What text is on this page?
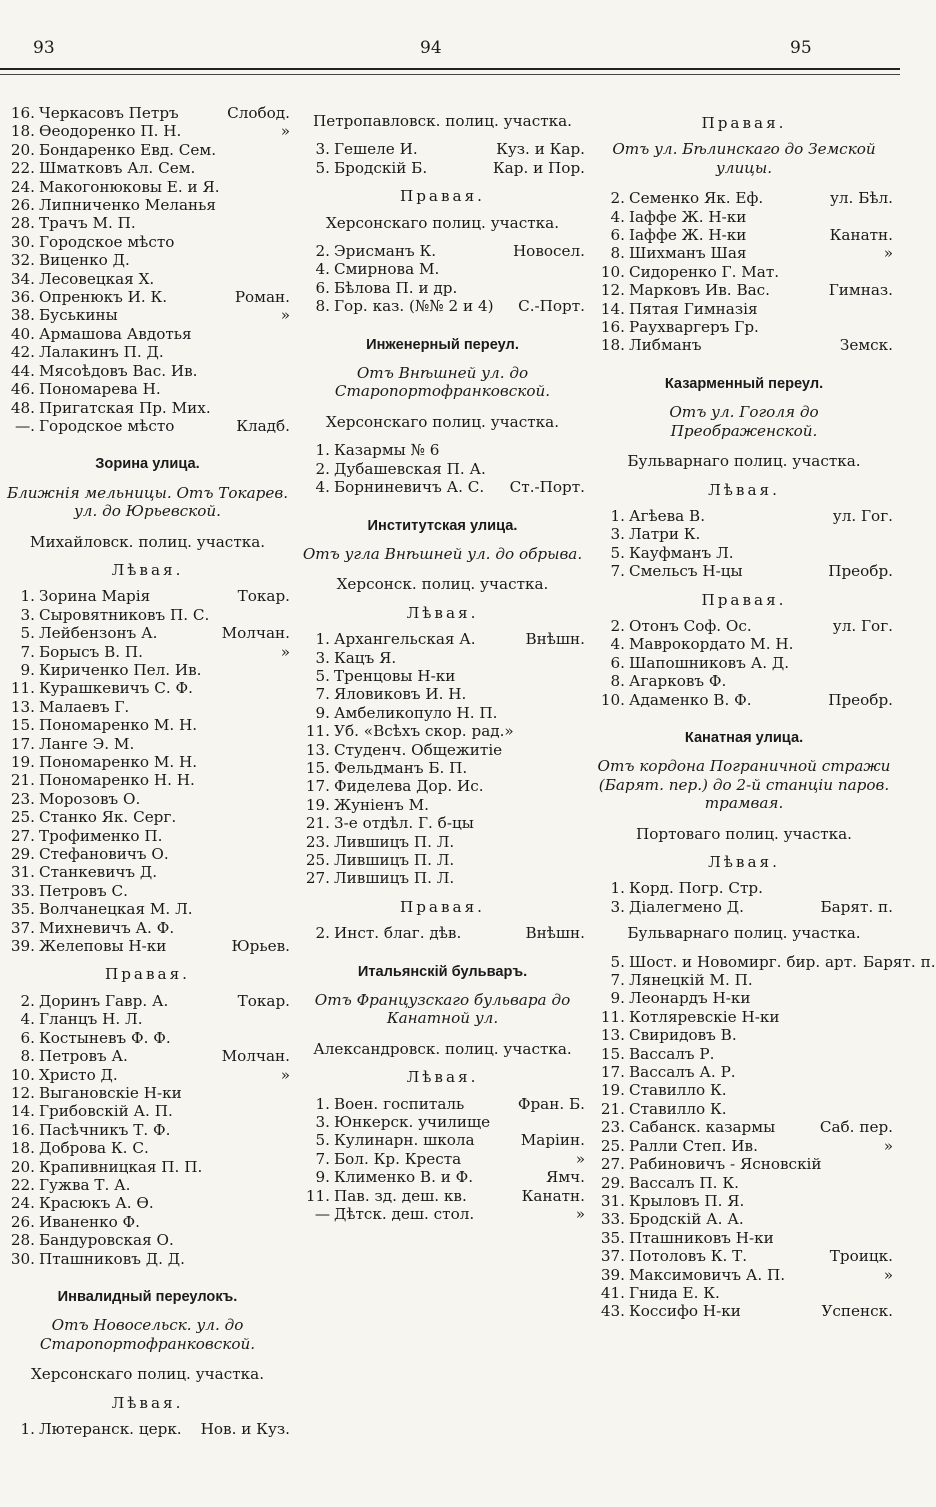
93	94	95
16. Черкасовъ Петръ	Слобод.
18. Өеодоренко П. Н.	»
20. Бондаренко Евд. Сем.
22. Шматковъ Ал. Сем.
24. Макогонюковы Е. и Я.
26. Липниченко Меланья
28. Трачъ М. П.
30. Городское мѣсто
32. Виценко Д.
34. Лесовецкая Х.
36. Опренюкъ И. К.	Роман.
38. Буськины	»
40. Армашова Авдотья
42. Лалакинъ П. Д.
44. Мясоѣдовъ Вас. Ив.
46. Пономарева Н.
48. Пригатская Пр. Мих.
—. Городское мѣсто	Кладб.
Зорина улица.
Ближнія мельницы. Отъ Токарев. ул. до Юрьевской.
Михайловск. полиц. участка.
Лѣвая.
1. Зорина Марія	Токар.
3. Сыровятниковъ П. С.
5. Лейбензонъ А.	Молчан.
7. Борысъ В. П.	»
9. Кириченко Пел. Ив.
11. Курашкевичъ С. Ф.
13. Малаевъ Г.
15. Пономаренко М. Н.
17. Ланге Э. М.
19. Пономаренко М. Н.
21. Пономаренко Н. Н.
23. Морозовъ О.
25. Станко Як. Серг.
27. Трофименко П.
29. Стефановичъ О.
31. Станкевичъ Д.
33. Петровъ С.
35. Волчанецкая М. Л.
37. Михневичъ А. Ф.
39. Желеповы Н-ки	Юрьев.
Правая.
2. Доринъ Гавр. А.	Токар.
4. Гланцъ Н. Л.
6. Костыневъ Ф. Ф.
8. Петровъ А.	Молчан.
10. Христо Д.	»
12. Выгановскіе Н-ки
14. Грибовскій А. П.
16. Пасѣчникъ Т. Ф.
18. Доброва К. С.
20. Крапивницкая П. П.
22. Гужва Т. А.
24. Красюкъ А. Ө.
26. Иваненко Ф.
28. Бандуровская О.
30. Пташниковъ Д. Д.
Инвалидный переулокъ.
Отъ Новосельск. ул. до Старопортофранковской.
Херсонскаго полиц. участка.
Лѣвая.
1. Лютеранск. церк.	Нов. и Куз.
Петропавловск. полиц. участка.
3. Гешеле И.	Куз. и Кар.
5. Бродскій Б.	Кар. и Пор.
Правая.
Херсонскаго полиц. участка.
2. Эрисманъ К.	Новосел.
4. Смирнова М.
6. Бѣлова П. и др.
8. Гор. каз. (№№ 2 и 4)	С.-Порт.
Инженерный переул.
Отъ Внѣшней ул. до Старопортофранковской.
Херсонскаго полиц. участка.
1. Казармы № 6
2. Дубашевская П. А.
4. Борниневичъ А. С.	Ст.-Порт.
Институтская улица.
Отъ угла Внѣшней ул. до обрыва.
Херсонск. полиц. участка.
Лѣвая.
1. Архангельская А.	Внѣшн.
3. Кацъ Я.
5. Тренцовы Н-ки
7. Яловиковъ И. Н.
9. Амбеликопуло Н. П.
11. Уб. «Всѣхъ скор. рад.»
13. Студенч. Общежитіе
15. Фельдманъ Б. П.
17. Фиделева Дор. Ис.
19. Жуніенъ М.
21. 3-е отдѣл. Г. б-цы
23. Лившицъ П. Л.
25. Лившицъ П. Л.
27. Лившицъ П. Л.
Правая.
2. Инст. благ. дѣв.	Внѣшн.
Итальянскій бульваръ.
Отъ Французскаго бульвара до Канатной ул.
Александровск. полиц. участка.
Лѣвая.
1. Воен. госпиталь	Фран. Б.
3. Юнкерск. училище
5. Кулинарн. школа	Маріин.
7. Бол. Кр. Креста	»
9. Клименко В. и Ф.	Ямч.
11. Пав. зд. деш. кв.	Канатн.
— Дѣтск. деш. стол.	»
Правая.
Отъ ул. Бѣлинскаго до Земской улицы.
2. Семенко Як. Еф.	ул. Бѣл.
4. Іаффе Ж. Н-ки
6. Іаффе Ж. Н-ки	Канатн.
8. Шихманъ Шая	»
10. Сидоренко Г. Мат.
12. Марковъ Ив. Вас.	Гимназ.
14. Пятая Гимназія
16. Раухваргеръ Гр.
18. Либманъ	Земск.
Казарменный переул.
Отъ ул. Гоголя до Преображенской.
Бульварнаго полиц. участка.
Лѣвая.
1. Агѣева В.	ул. Гог.
3. Латри К.
5. Кауфманъ Л.
7. Смельсъ Н-цы	Преобр.
Правая.
2. Отонъ Соф. Ос.	ул. Гог.
4. Маврокордато М. Н.
6. Шапошниковъ А. Д.
8. Агарковъ Ф.
10. Адаменко В. Ф.	Преобр.
Канатная улица.
Отъ кордона Пограничной стражи (Барят. пер.) до 2-й станціи паров. трамвая.
Портоваго полиц. участка.
Лѣвая.
1. Корд. Погр. Стр.
3. Діалегмено Д.	Барят. п.
Бульварнаго полиц. участка.
5. Шост. и Новомирг. бир. арт. Барят. п.
7. Лянецкій М. П.
9. Леонардъ Н-ки
11. Котляревскіе Н-ки
13. Свиридовъ В.
15. Вассалъ Р.
17. Вассалъ А. Р.
19. Ставилло К.
21. Ставилло К.
23. Сабанск. казармы	Саб. пер.
25. Ралли Степ. Ив.	»
27. Рабиновичъ - Ясновскій
29. Вассалъ П. К.
31. Крыловъ П. Я.
33. Бродскій А. А.
35. Пташниковъ Н-ки
37. Потоловъ К. Т.	Троицк.
39. Максимовичъ А. П.	»
41. Гнида Е. К.
43. Коссифо Н-ки	Успенск.
